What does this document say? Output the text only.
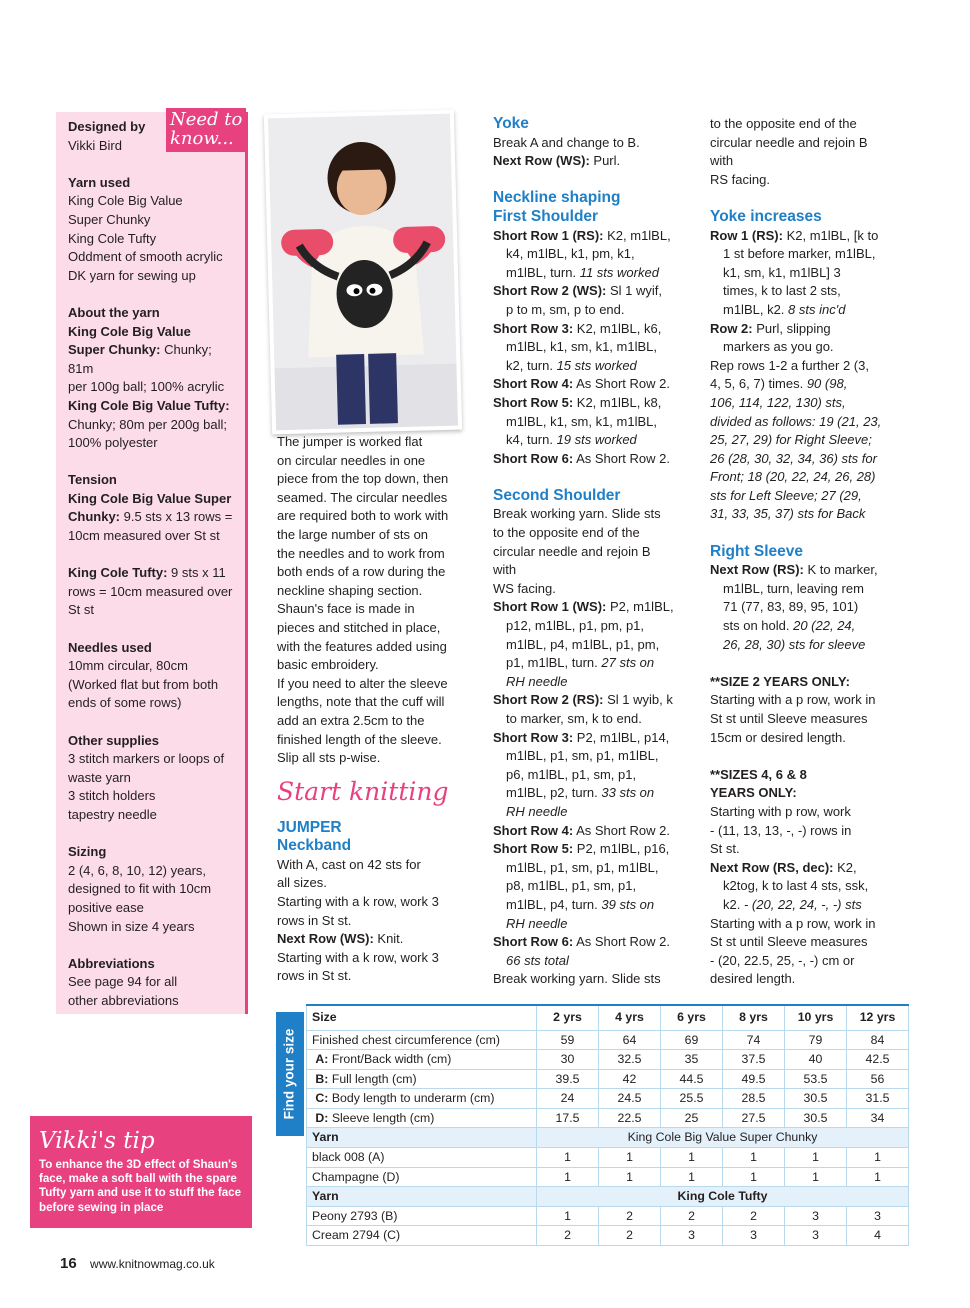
Need to know...
Designed by
Vikki Bird
Yarn used
King Cole Big Value
Super Chunky
King Cole Tufty
Oddment of smooth acrylic
DK yarn for sewing up
About the yarn
King Cole Big Value
Super Chunky: Chunky; 81m
per 100g ball; 100% acrylic
King Cole Big Value Tufty:
Chunky; 80m per 200g ball;
100% polyester
Tension
King Cole Big Value Super
Chunky: 9.5 sts x 13 rows =
10cm measured over St st
King Cole Tufty: 9 sts x 11
rows = 10cm measured over
St st
Needles used
10mm circular, 80cm
(Worked flat but from both
ends of some rows)
Other supplies
3 stitch markers or loops of
waste yarn
3 stitch holders
tapestry needle
Sizing
2 (4, 6, 8, 10, 12) years,
designed to fit with 10cm
positive ease
Shown in size 4 years
Abbreviations
See page 94 for all
other abbreviations

The jumper is worked flat

on circular needles in one

piece from the top down, then

seamed. The circular needles

are required both to work with

the large number of sts on

the needles and to work from

both ends of a row during the

neckline shaping section.

Shaun's face is made in

pieces and stitched in place,

with the features added using

basic embroidery.

If you need to alter the sleeve

lengths, note that the cuff will

add an extra 2.5cm to the

finished length of the sleeve.

Slip all sts p-wise.

Start knitting
JUMPER
Neckband

With A, cast on 42 sts for

all sizes.

Starting with a k row, work 3

rows in St st.

Next Row (WS): Knit.

Starting with a k row, work 3

rows in St st.

Yoke

Break A and change to B.

Next Row (WS): Purl.

Neckline shaping
First Shoulder

Short Row 1 (RS): K2, m1lBL,

k4, m1lBL, k1, pm, k1,

m1lBL, turn. 11 sts worked

Short Row 2 (WS): Sl 1 wyif,

p to m, sm, p to end.

Short Row 3: K2, m1lBL, k6,

m1lBL, k1, sm, k1, m1lBL,

k2, turn. 15 sts worked

Short Row 4: As Short Row 2.

Short Row 5: K2, m1lBL, k8,

m1lBL, k1, sm, k1, m1lBL,

k4, turn. 19 sts worked

Short Row 6: As Short Row 2.

Second Shoulder

Break working yarn. Slide sts

to the opposite end of the

circular needle and rejoin B

with

WS facing.

Short Row 1 (WS): P2, m1lBL,

p12, m1lBL, p1, pm, p1,

m1lBL, p4, m1lBL, p1, pm,

p1, m1lBL, turn. 27 sts on

RH needle

Short Row 2 (RS): Sl 1 wyib, k

to marker, sm, k to end.

Short Row 3: P2, m1lBL, p14,

m1lBL, p1, sm, p1, m1lBL,

p6, m1lBL, p1, sm, p1,

m1lBL, p2, turn. 33 sts on

RH needle

Short Row 4: As Short Row 2.

Short Row 5: P2, m1lBL, p16,

m1lBL, p1, sm, p1, m1lBL,

p8, m1lBL, p1, sm, p1,

m1lBL, p4, turn. 39 sts on

RH needle

Short Row 6: As Short Row 2.

66 sts total

Break working yarn. Slide sts

to the opposite end of the

circular needle and rejoin B

with

RS facing.

Yoke increases

Row 1 (RS): K2, m1lBL, [k to

1 st before marker, m1lBL,

k1, sm, k1, m1lBL] 3

times, k to last 2 sts,

m1lBL, k2. 8 sts inc'd

Row 2: Purl, slipping

markers as you go.

Rep rows 1-2 a further 2 (3,

4, 5, 6, 7) times. 90 (98,

106, 114, 122, 130) sts,

divided as follows: 19 (21, 23,

25, 27, 29) for Right Sleeve;

26 (28, 30, 32, 34, 36) sts for

Front; 18 (20, 22, 24, 26, 28)

sts for Left Sleeve; 27 (29,

31, 33, 35, 37) sts for Back

Right Sleeve

Next Row (RS): K to marker,

m1lBL, turn, leaving rem

71 (77, 83, 89, 95, 101)

sts on hold. 20 (22, 24,

26, 28, 30) sts for sleeve

**SIZE 2 YEARS ONLY:

Starting with a p row, work in

St st until Sleeve measures

15cm or desired length.

**SIZES 4, 6 & 8

YEARS ONLY:

Starting with p row, work

- (11, 13, 13, -, -) rows in

St st.

Next Row (RS, dec): K2,

k2tog, k to last 4 sts, ssk,

k2. - (20, 22, 24, -, -) sts

Starting with a p row, work in

St st until Sleeve measures

- (20, 22.5, 25, -, -) cm or

desired length.

Find your size
Size	2 yrs	4 yrs	6 yrs	8 yrs	10 yrs	12 yrs
Finished chest circumference (cm)	59	64	69	74	79	84
A: Front/Back width (cm)	30	32.5	35	37.5	40	42.5
B: Full length (cm)	39.5	42	44.5	49.5	53.5	56
C: Body length to underarm (cm)	24	24.5	25.5	28.5	30.5	31.5
D: Sleeve length (cm)	17.5	22.5	25	27.5	30.5	34
Yarn	King Cole Big Value Super Chunky					
black 008 (A)	1	1	1	1	1	1
Champagne (D)	1	1	1	1	1	1
Yarn	King Cole Tufty					
Peony 2793 (B)	1	2	2	2	3	3
Cream 2794 (C)	2	2	3	3	3	4
Vikki's tip
To enhance the 3D effect of Shaun's face, make a soft ball with the spare Tufty yarn and use it to stuff the face before sewing in place
16 www.knitnowmag.co.uk
